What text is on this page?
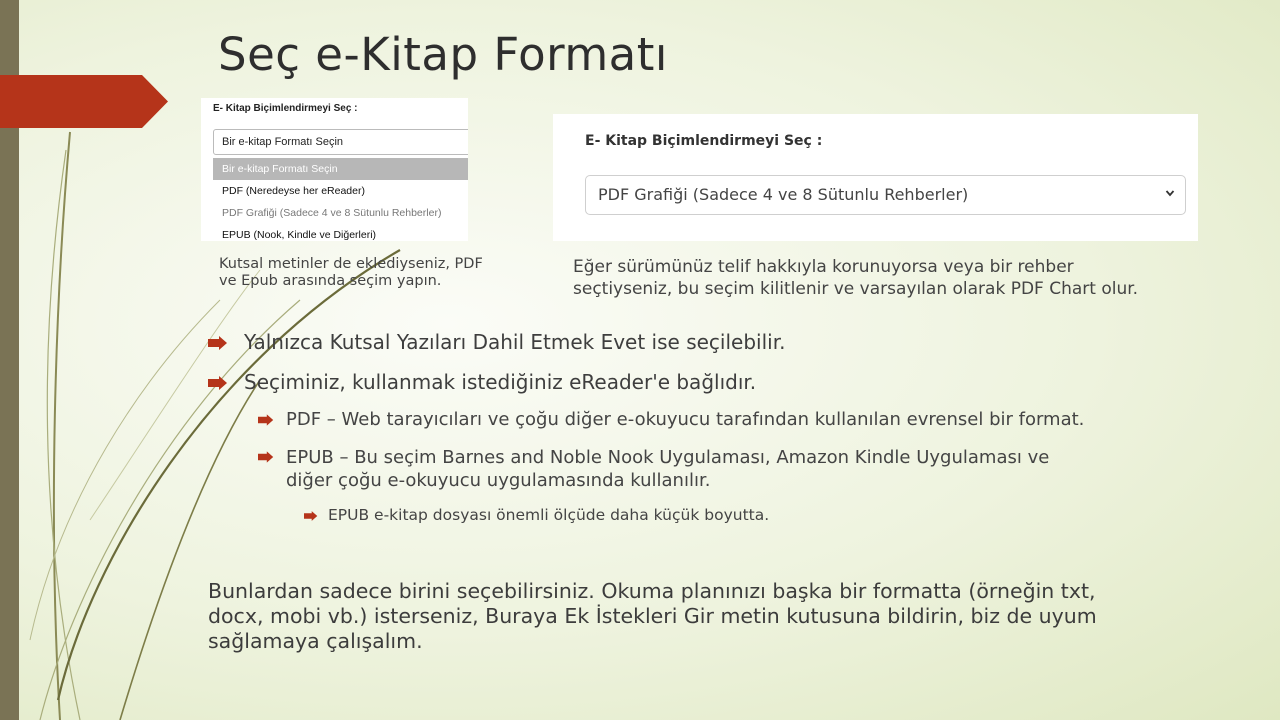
Seç e-Kitap Formatı
E- Kitap Biçimlendirmeyi Seç :
Bir e-kitap Formatı Seçin
Bir e-kitap Formatı Seçin
PDF (Neredeyse her eReader)
PDF Grafiği (Sadece 4 ve 8 Sütunlu Rehberler)
EPUB (Nook, Kindle ve Diğerleri)
E- Kitap Biçimlendirmeyi Seç :
PDF Grafiği (Sadece 4 ve 8 Sütunlu Rehberler)
Kutsal metinler de eklediyseniz, PDF
ve Epub arasında seçim yapın.
Eğer sürümünüz telif hakkıyla korunuyorsa veya bir rehber
seçtiyseniz, bu seçim kilitlenir ve varsayılan olarak PDF Chart olur.
Yalnızca Kutsal Yazıları Dahil Etmek Evet ise seçilebilir.
Seçiminiz, kullanmak istediğiniz eReader'e bağlıdır.
PDF – Web tarayıcıları ve çoğu diğer e-okuyucu tarafından kullanılan evrensel bir format.
EPUB – Bu seçim Barnes and Noble Nook Uygulaması, Amazon Kindle Uygulaması ve
diğer çoğu e-okuyucu uygulamasında kullanılır.
EPUB e-kitap dosyası önemli ölçüde daha küçük boyutta.
Bunlardan sadece birini seçebilirsiniz. Okuma planınızı başka bir formatta (örneğin txt,
docx, mobi vb.) isterseniz, Buraya Ek İstekleri Gir metin kutusuna bildirin, biz de uyum
sağlamaya çalışalım.
